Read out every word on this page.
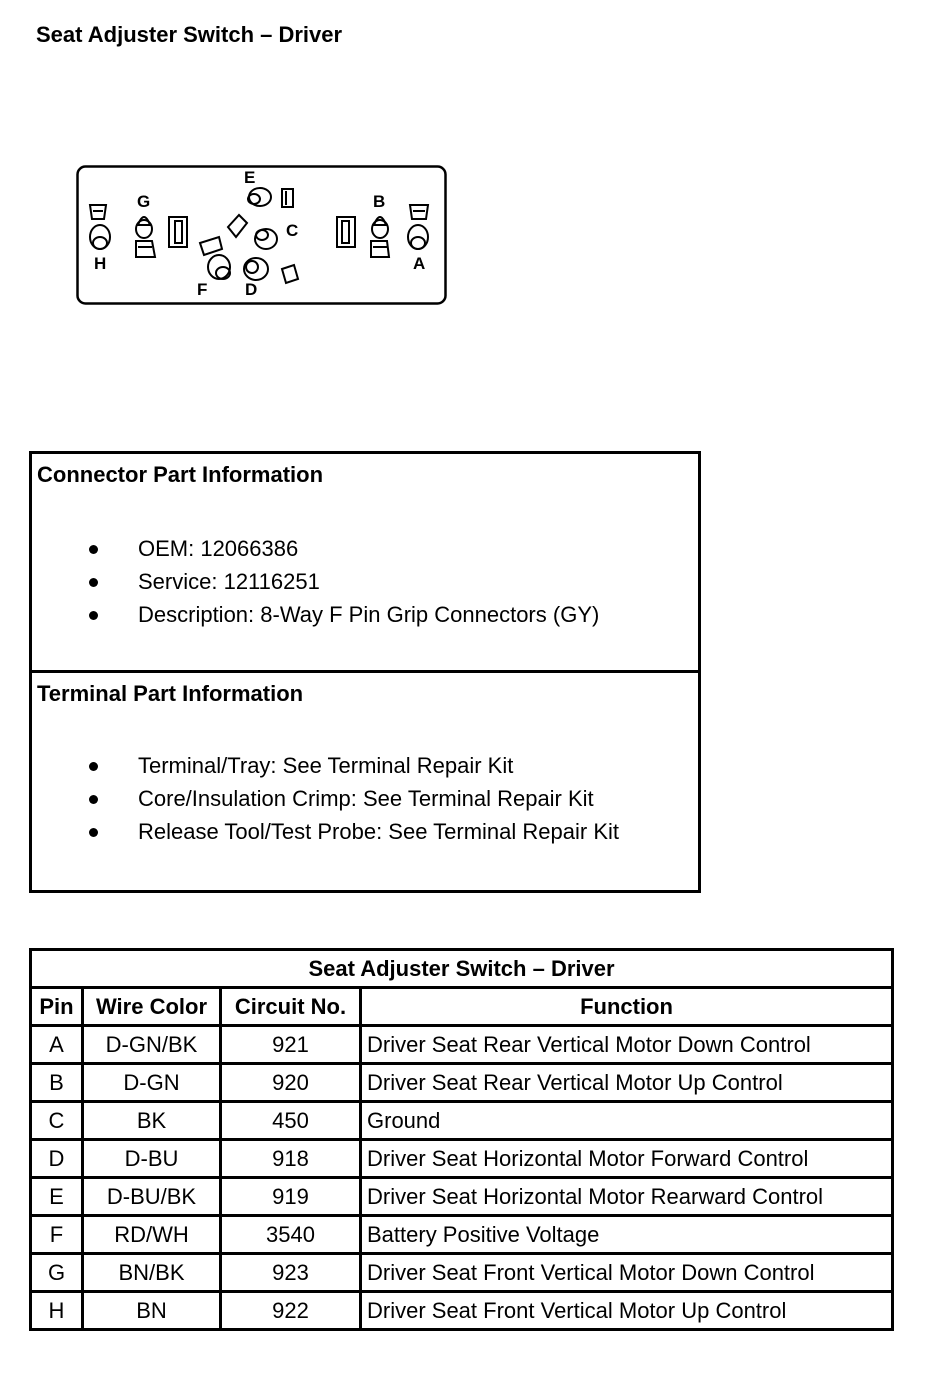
Seat Adjuster Switch – Driver
H
G
F
E
C
D
B
A
Connector Part Information
OEM: 12066386
Service: 12116251
Description: 8-Way F Pin Grip Connectors (GY)
Terminal Part Information
Terminal/Tray: See Terminal Repair Kit
Core/Insulation Crimp: See Terminal Repair Kit
Release Tool/Test Probe: See Terminal Repair Kit
Seat Adjuster Switch – Driver			
Pin	Wire Color	Circuit No.	Function
A	D-GN/BK	921	Driver Seat Rear Vertical Motor Down Control
B	D-GN	920	Driver Seat Rear Vertical Motor Up Control
C	BK	450	Ground
D	D-BU	918	Driver Seat Horizontal Motor Forward Control
E	D-BU/BK	919	Driver Seat Horizontal Motor Rearward Control
F	RD/WH	3540	Battery Positive Voltage
G	BN/BK	923	Driver Seat Front Vertical Motor Down Control
H	BN	922	Driver Seat Front Vertical Motor Up Control
